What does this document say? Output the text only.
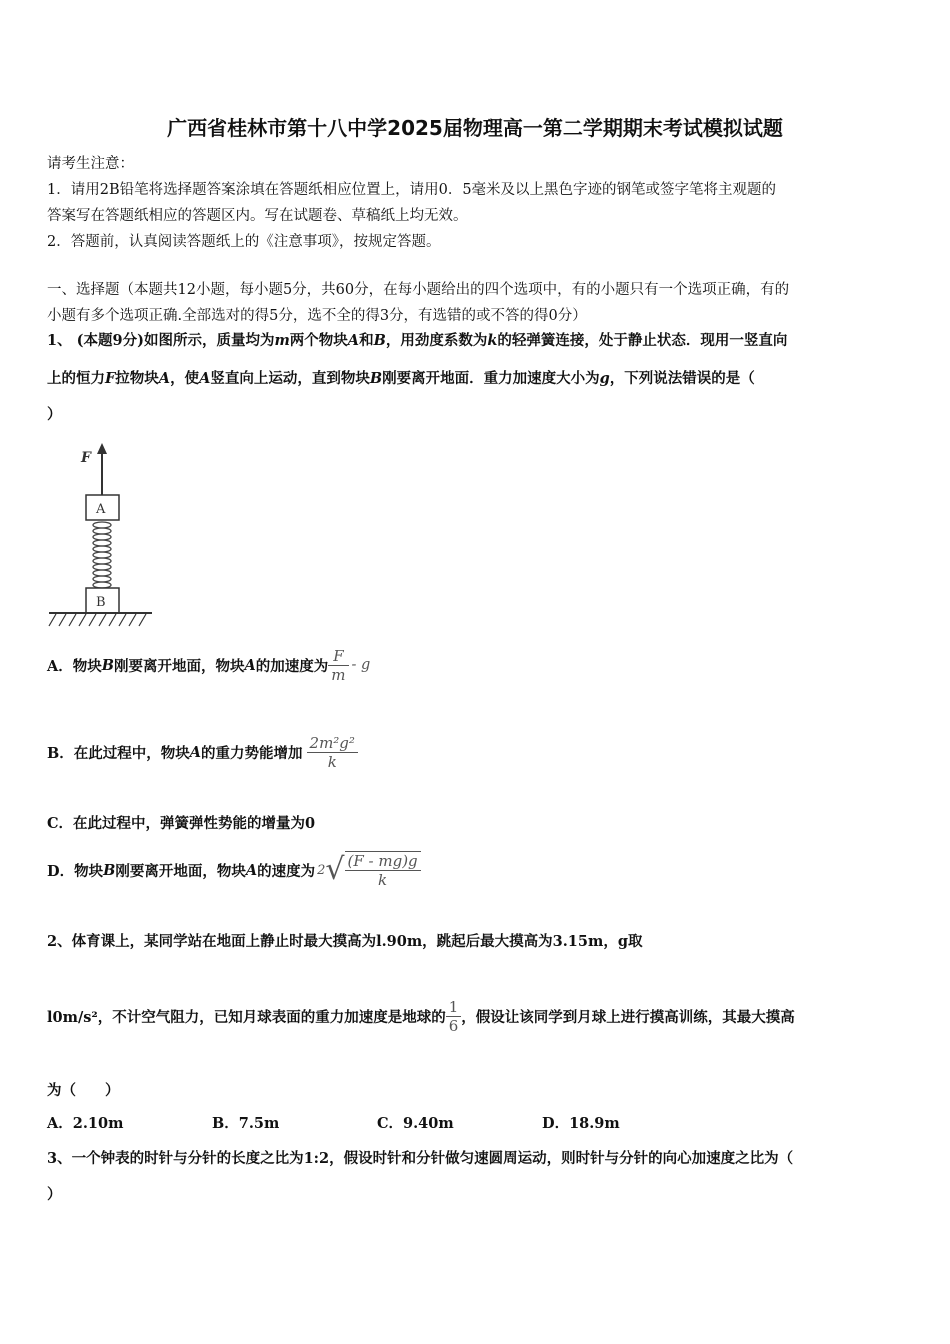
广西省桂林市第十八中学2025届物理高一第二学期期末考试模拟试题
请考生注意：
1．请用2B铅笔将选择题答案涂填在答题纸相应位置上，请用0．5毫米及以上黑色字迹的钢笔或签字笔将主观题的
答案写在答题纸相应的答题区内。写在试题卷、草稿纸上均无效。
2．答题前，认真阅读答题纸上的《注意事项》，按规定答题。
一、选择题（本题共12小题，每小题5分，共60分，在每小题给出的四个选项中，有的小题只有一个选项正确，有的
小题有多个选项正确.全部选对的得5分，选不全的得3分，有选错的或不答的得0分）
1、 (本题9分)如图所示，质量均为m两个物块A和B，用劲度系数为k的轻弹簧连接，处于静止状态．现用一竖直向
上的恒力F拉物块A，使A竖直向上运动，直到物块B刚要离开地面．重力加速度大小为g，下列说法错误的是（
）
F
A
B
A．物块 B 刚要离开地面，物块 A 的加速度为 $\frac{F}{m}$ - g
B．在此过程中，物块 A 的重力势能增加 $\frac{\text{2m²g²}}{k}$
C．在此过程中，弹簧弹性势能的增量为0
D．物块 B 刚要离开地面，物块 A 的速度为 2 √ $\frac{(F - mg)g}{k}$
2、体育课上，某同学站在地面上静止时最大摸高为l.90m，跳起后最大摸高为3.15m，g取
l0m/s²，不计空气阻力，已知月球表面的重力加速度是地球的 $\frac{1}{6}$ ，假设让该同学到月球上进行摸高训练，其最大摸高
为（　　）
A．2.10m	B．7.5m	C．9.40m	D．18.9m
3、一个钟表的时针与分针的长度之比为1:2，假设时针和分针做匀速圆周运动，则时针与分针的向心加速度之比为（
）
